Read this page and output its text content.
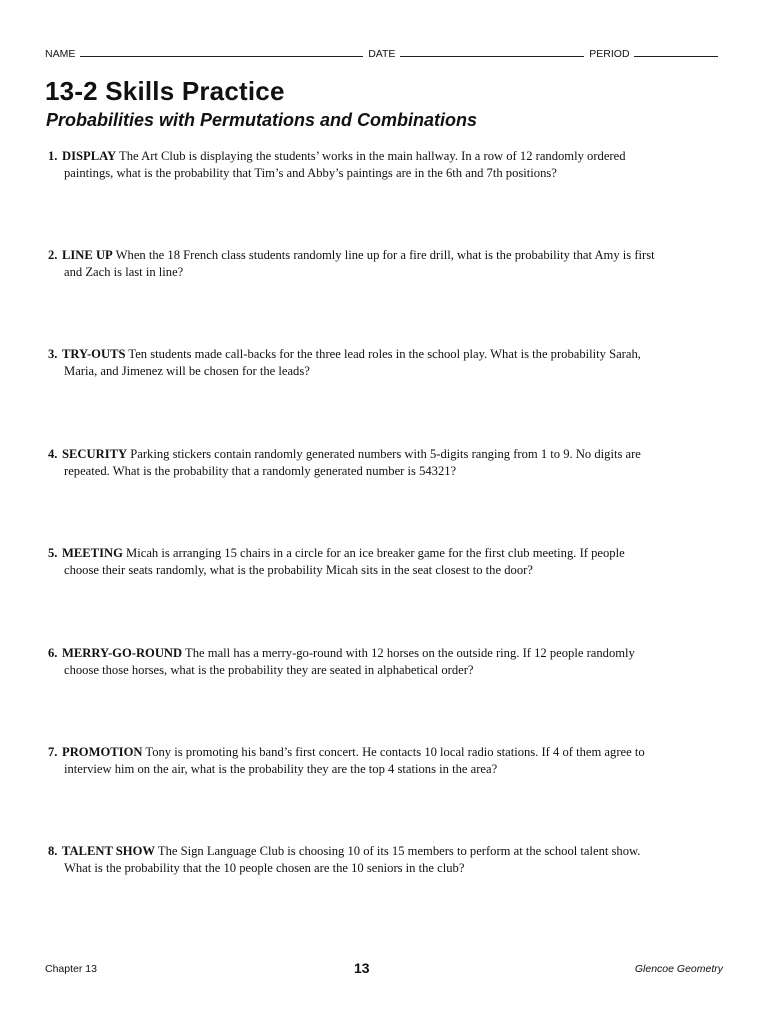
NAME	DATE	PERIOD
13-2 Skills Practice
Probabilities with Permutations and Combinations
1. DISPLAY The Art Club is displaying the students’ works in the main hallway. In a row of 12 randomly ordered
paintings, what is the probability that Tim’s and Abby’s paintings are in the 6th and 7th positions?
2. LINE UP When the 18 French class students randomly line up for a fire drill, what is the probability that Amy is first
and Zach is last in line?
3. TRY-OUTS Ten students made call-backs for the three lead roles in the school play. What is the probability Sarah,
Maria, and Jimenez will be chosen for the leads?
4. SECURITY Parking stickers contain randomly generated numbers with 5-digits ranging from 1 to 9. No digits are
repeated. What is the probability that a randomly generated number is 54321?
5. MEETING Micah is arranging 15 chairs in a circle for an ice breaker game for the first club meeting. If people
choose their seats randomly, what is the probability Micah sits in the seat closest to the door?
6. MERRY-GO-ROUND The mall has a merry-go-round with 12 horses on the outside ring. If 12 people randomly
choose those horses, what is the probability they are seated in alphabetical order?
7. PROMOTION Tony is promoting his band’s first concert. He contacts 10 local radio stations. If 4 of them agree to
interview him on the air, what is the probability they are the top 4 stations in the area?
8. TALENT SHOW The Sign Language Club is choosing 10 of its 15 members to perform at the school talent show.
What is the probability that the 10 people chosen are the 10 seniors in the club?
Chapter 13	13	Glencoe Geometry
